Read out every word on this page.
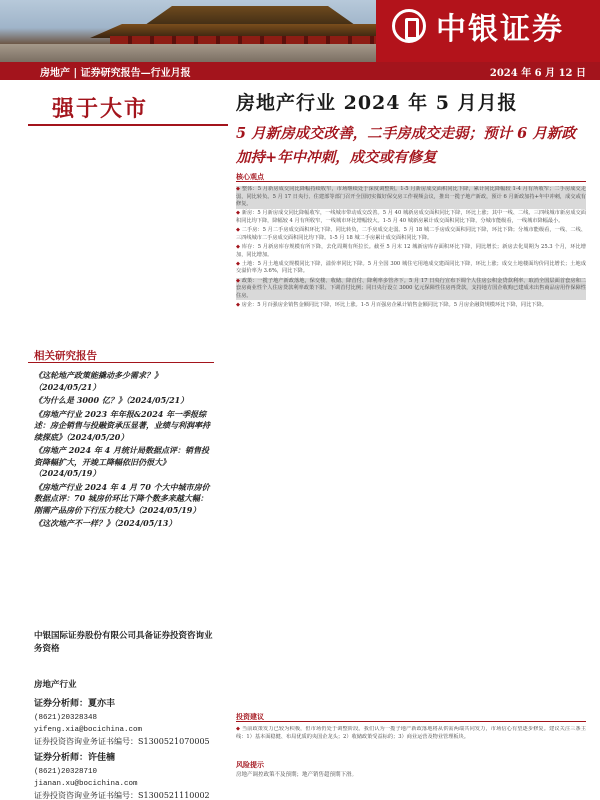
中银证券
房地产 | 证券研究报告—行业月报	2024 年 6 月 12 日
强于大市
相关研究报告
《 这轮地产政策能撬动多少需求？》（2024/05/21）
《 为什么是 3000 亿？》（2024/05/21）
《 房地产行业 2023 年年报&2024 年一季报综述：房企销售与投融资承压显著，业绩与利润率持续探底》（2024/05/20）
《 房地产 2024 年 4 月统计局数据点评：销售投资降幅扩大，开竣工降幅依旧仍很大》（2024/05/19）
《 房地产行业 2024 年 4 月 70 个大中城市房价数据点评：70 城房价环比下降个数多来越大幅：刚需产品房价下行压力较大》（2024/05/19）
《 这次地产不一样？》（2024/05/13）
中银国际证券股份有限公司具备证券投资咨询业务资格
房地产行业
证券分析师：夏亦丰
(8621)20328348
yifeng.xia@bocichina.com
证券投资咨询业务证书编号：S1300521070005
证券分析师：许佳楠
(8621)20328710
jianan.xu@bocichina.com
证券投资咨询业务证书编号：S1300521110002
房地产行业 2024 年 5 月月报
5 月新房成交改善，二手房成交走弱；预计 6 月新政加持+年中冲刺，成交或有修复
核心观点

◆ 整体：5 月新房成交同比降幅持续收窄，市场继续处于深度调整期。1-5 月新房成交面积同比下降，累计同比降幅较 1-4 月有所收窄；二手房成交走弱，同比转负。5 月 17 日央行、住建部等部门召开全国切实做好保交房工作视频会议，推出一揽子地产新政，预计 6 月新政加持+年中冲刺，成交或有修复。

◆ 新房：5 月新房成交同比降幅收窄，一线城市带动成交改善。5 月 40 城新房成交面积同比下降，环比上涨；其中一线、二线、三四线城市新房成交面积同比均下降，降幅较 4 月有所收窄，一线城市环比增幅较大。1-5 月 40 城新房累计成交面积同比下降，分城市能级看，一线城市降幅最小。

◆ 二手房：5 月二手房成交面积环比下降、同比转负，二手房成交走弱。5 月 18 城二手房成交面积同比下降，环比下降；分城市能级看，一线、二线、三四线城市二手房成交面积同比均下降。1-5 月 18 城二手房累计成交面积同比下降。

◆ 库存：5 月新房库存规模有所下降，去化周期有所拉长。截至 5 月末 12 城新房库存面积环比下降，同比增长；新房去化周期为 25.3 个月，环比增加，同比增加。

◆ 土地：5 月土地成交规模同比下降，溢价率同比下降。5 月全国 300 城住宅用地成交建面同比下降，环比上涨；成交土地楼面均价同比增长；土地成交溢价率为 3.6%，同比下降。

◆ 政策：一揽子地产新政落地，保交楼、收储、降首付、降利率多管齐下。5 月 17 日央行宣布下调个人住房公积金贷款利率、取消全国层面首套房和二套房商业性个人住房贷款利率政策下限、下调首付比例；同日央行设立 3000 亿元保障性住房再贷款，支持地方国企收购已建成未出售商品房用作保障性住房。

◆ 房企：5 月百强房企销售金额同比下降，环比上涨。1-5 月百强房企累计销售金额同比下降。5 月房企融资规模环比下降，同比下降。

投资建议

◆ 当前政策发力已较为积极，但市场仍处于调整阶段。我们认为一揽子地产新政落地将从供需两端共同发力，市场信心有望逐步修复。建议关注三条主线：1）基本面稳健、布局优质的央国企龙头；2）收储政策受益标的；3）商业运营及物业管理板块。

风险提示
房地产调控政策不及预期；地产销售超预期下滑。
